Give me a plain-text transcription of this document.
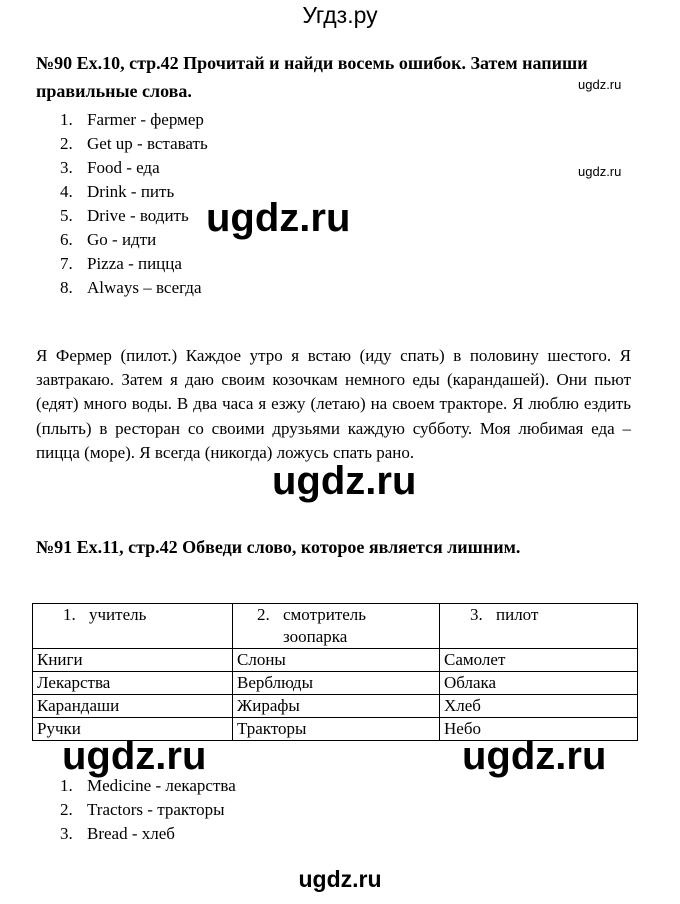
Угдз.ру
№90 Ex.10, стр.42 Прочитай и найди восемь ошибок. Затем напиши
правильные слова.	ugdz.ru
ugdz.ru
1. Farmer - фермер
2. Get up - вставать
3. Food - еда
4. Drink - пить
5. Drive - водить
6. Go - идти
7. Pizza - пицца
8. Always – всегда
ugdz.ru
Я Фермер (пилот.) Каждое утро я встаю (иду спать) в половину шестого. Я завтракаю. Затем я даю своим козочкам немного еды (карандашей). Они пьют (едят) много воды. В два часа я езжу (летаю) на своем тракторе. Я люблю ездить (плыть) в ресторан со своими друзьями каждую субботу. Моя любимая еда – пицца (море). Я всегда (никогда) ложусь спать рано.
ugdz.ru
№91 Ex.11, стр.42 Обведи слово, которое является лишним.
1. учитель	2. смотритель зоопарка	3. пилот
Книги	Слоны	Самолет
Лекарства	Верблюды	Облака
Карандаши	Жирафы	Хлеб
Ручки	Тракторы	Небо
ugdz.ru	ugdz.ru
1. Medicine - лекарства
2. Tractors - тракторы
3. Bread - хлеб
ugdz.ru
